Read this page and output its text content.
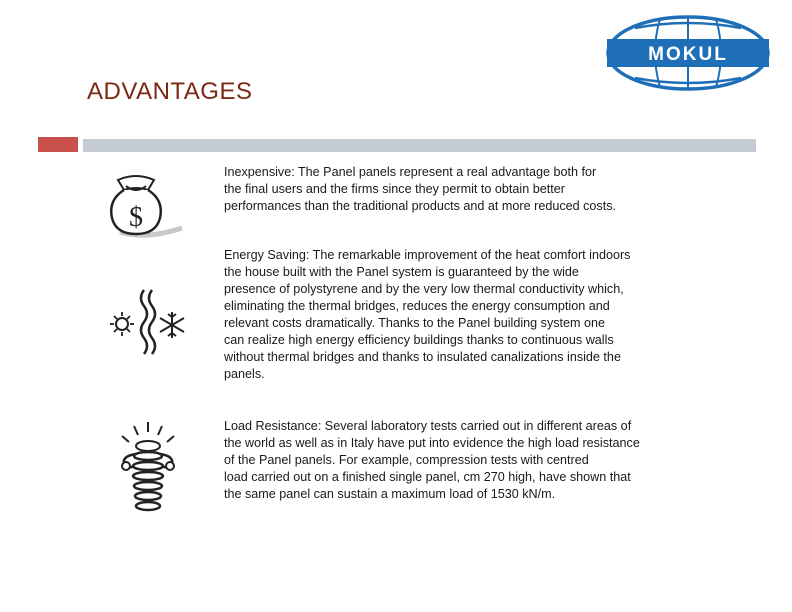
MOKUL
ADVANTAGES
$
Inexpensive: The Panel panels represent a real advantage both for
the final users and the firms since they permit to obtain better
performances than the traditional products and at more reduced costs.
Energy Saving: The remarkable improvement of the heat comfort indoors
the house built with the Panel system is guaranteed by the wide
presence of polystyrene and by the very low thermal conductivity which,
eliminating the thermal bridges, reduces the energy consumption and
relevant costs dramatically. Thanks to the Panel building system one
can realize high energy efficiency buildings thanks to continuous walls
without thermal bridges and thanks to insulated canalizations inside the
panels.
Load Resistance: Several laboratory tests carried out in different areas of
the world as well as in Italy have put into evidence the high load resistance
of the Panel panels. For example, compression tests with centred
load carried out on a finished single panel, cm 270 high, have shown that
the same panel can sustain a maximum load of 1530 kN/m.
